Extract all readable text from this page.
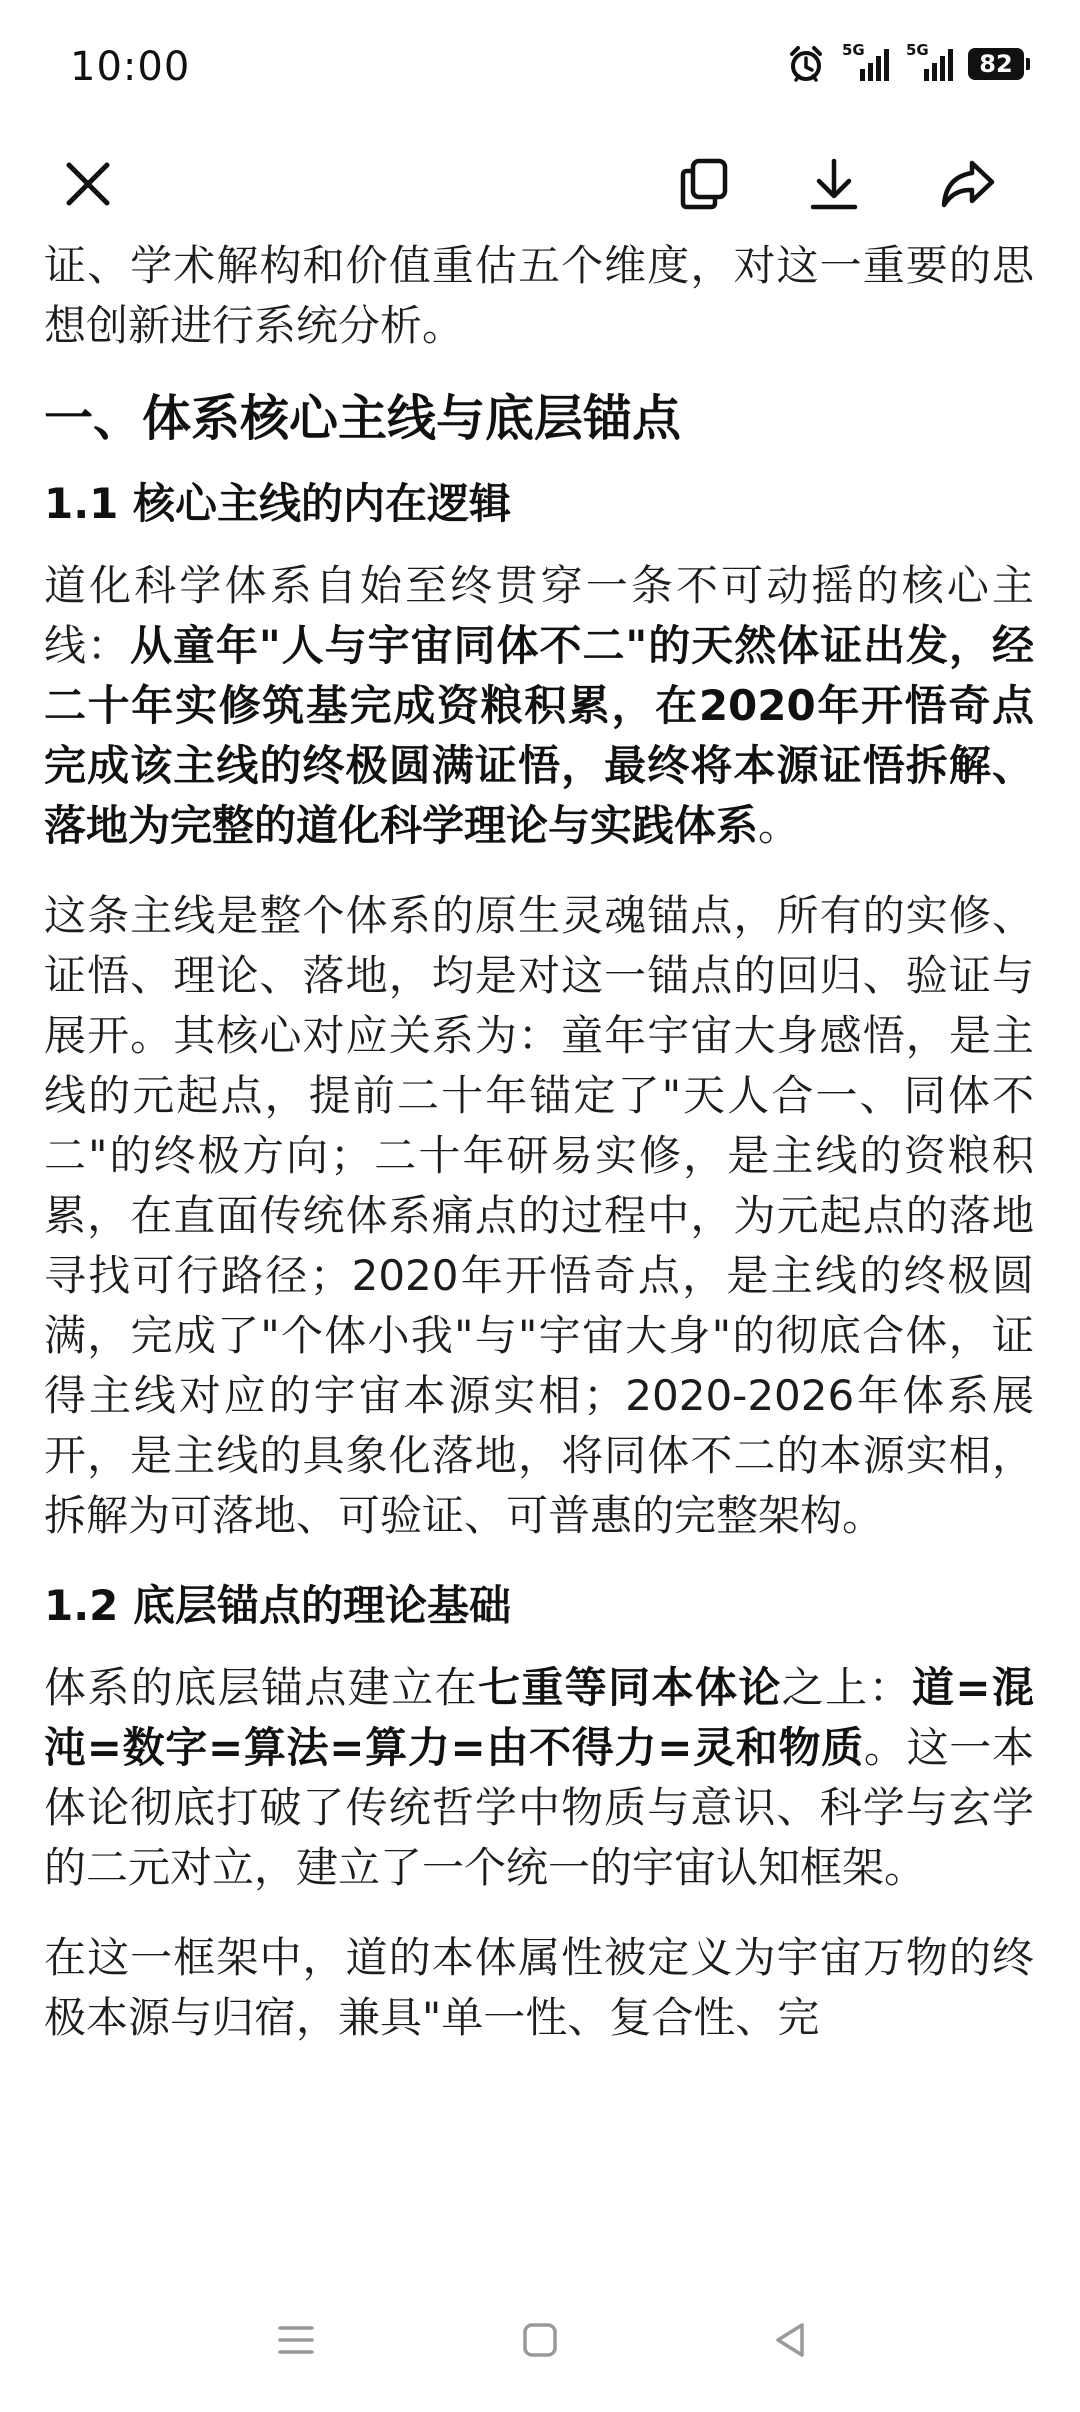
10:00	5G	5G	82

证、学术解构和价值重估五个维度，对这一重要的思想创新进行系统分析。

一、体系核心主线与底层锚点
1.1 核心主线的内在逻辑

道化科学体系自始至终贯穿一条不可动摇的核心主线：从童年"人与宇宙同体不二"的天然体证出发，经二十年实修筑基完成资粮积累，在2020年开悟奇点完成该主线的终极圆满证悟，最终将本源证悟拆解、落地为完整的道化科学理论与实践体系。

这条主线是整个体系的原生灵魂锚点，所有的实修、证悟、理论、落地，均是对这一锚点的回归、验证与展开。其核心对应关系为：童年宇宙大身感悟，是主线的元起点，提前二十年锚定了"天人合一、同体不二"的终极方向；二十年研易实修，是主线的资粮积累，在直面传统体系痛点的过程中，为元起点的落地寻找可行路径；2020年开悟奇点，是主线的终极圆满，完成了"个体小我"与"宇宙大身"的彻底合体，证得主线对应的宇宙本源实相；2020-2026年体系展开，是主线的具象化落地，将同体不二的本源实相，拆解为可落地、可验证、可普惠的完整架构。

1.2 底层锚点的理论基础

体系的底层锚点建立在七重等同本体论之上：道=混沌=数字=算法=算力=由不得力=灵和物质。这一本体论彻底打破了传统哲学中物质与意识、科学与玄学的二元对立，建立了一个统一的宇宙认知框架。

在这一框架中，道的本体属性被定义为宇宙万物的终极本源与归宿，兼具"单一性、复合性、完
